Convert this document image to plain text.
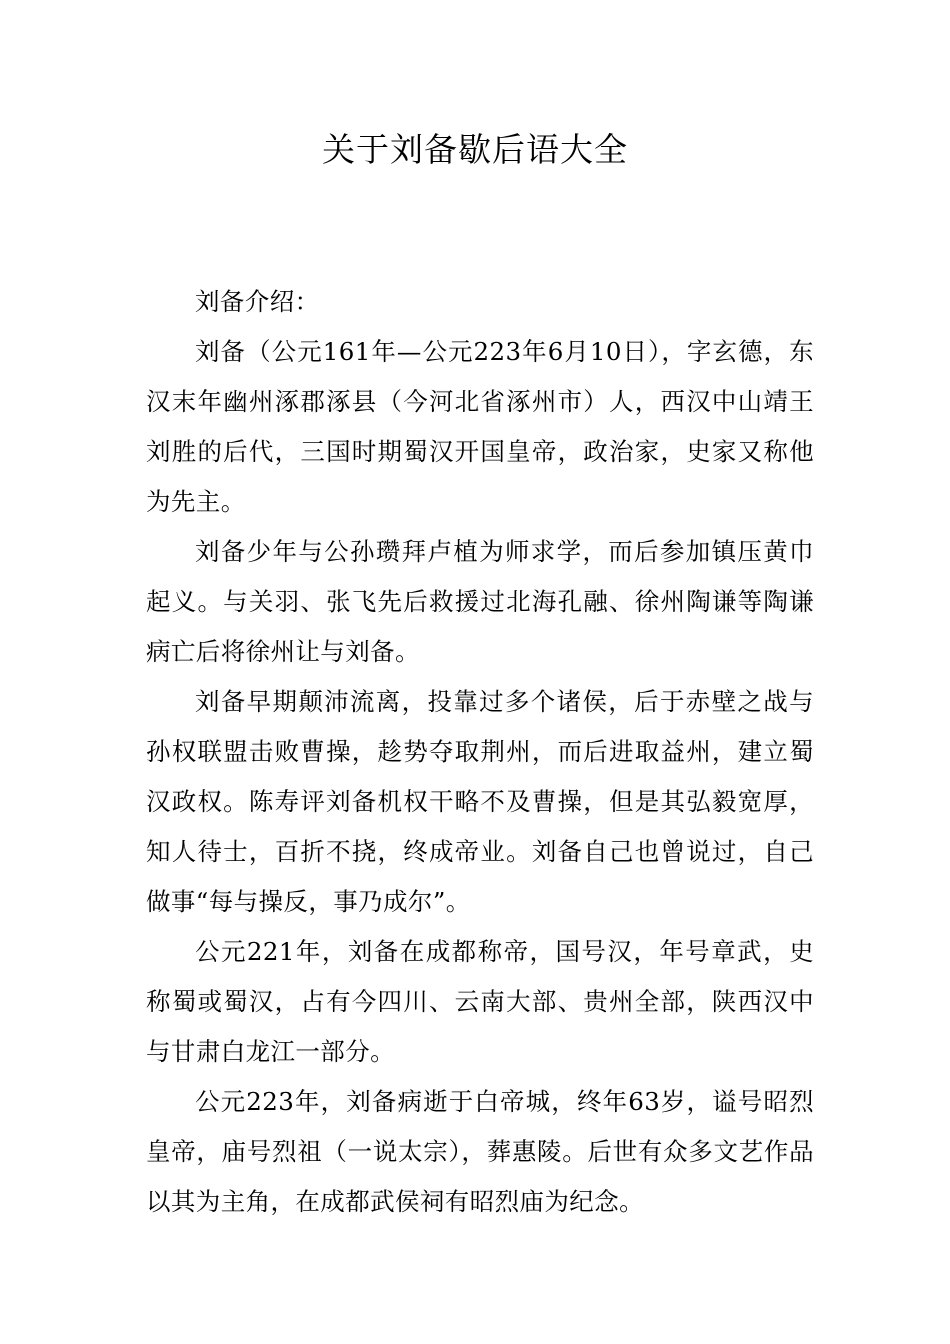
关于刘备歇后语大全

刘备介绍：

刘备（公元161年—公元223年6月10日），字玄德，东汉末年幽州涿郡涿县（今河北省涿州市）人，西汉中山靖王刘胜的后代，三国时期蜀汉开国皇帝，政治家，史家又称他为先主。

刘备少年与公孙瓒拜卢植为师求学，而后参加镇压黄巾起义。与关羽、张飞先后救援过北海孔融、徐州陶谦等陶谦病亡后将徐州让与刘备。

刘备早期颠沛流离，投靠过多个诸侯，后于赤壁之战与孙权联盟击败曹操，趁势夺取荆州，而后进取益州，建立蜀汉政权。陈寿评刘备机权干略不及曹操，但是其弘毅宽厚，知人待士，百折不挠，终成帝业。刘备自己也曾说过，自己做事“每与操反，事乃成尔”。

公元221年，刘备在成都称帝，国号汉，年号章武，史称蜀或蜀汉，占有今四川、云南大部、贵州全部，陕西汉中与甘肃白龙江一部分。

公元223年，刘备病逝于白帝城，终年63岁，谥号昭烈皇帝，庙号烈祖（一说太宗），葬惠陵。后世有众多文艺作品以其为主角，在成都武侯祠有昭烈庙为纪念。
